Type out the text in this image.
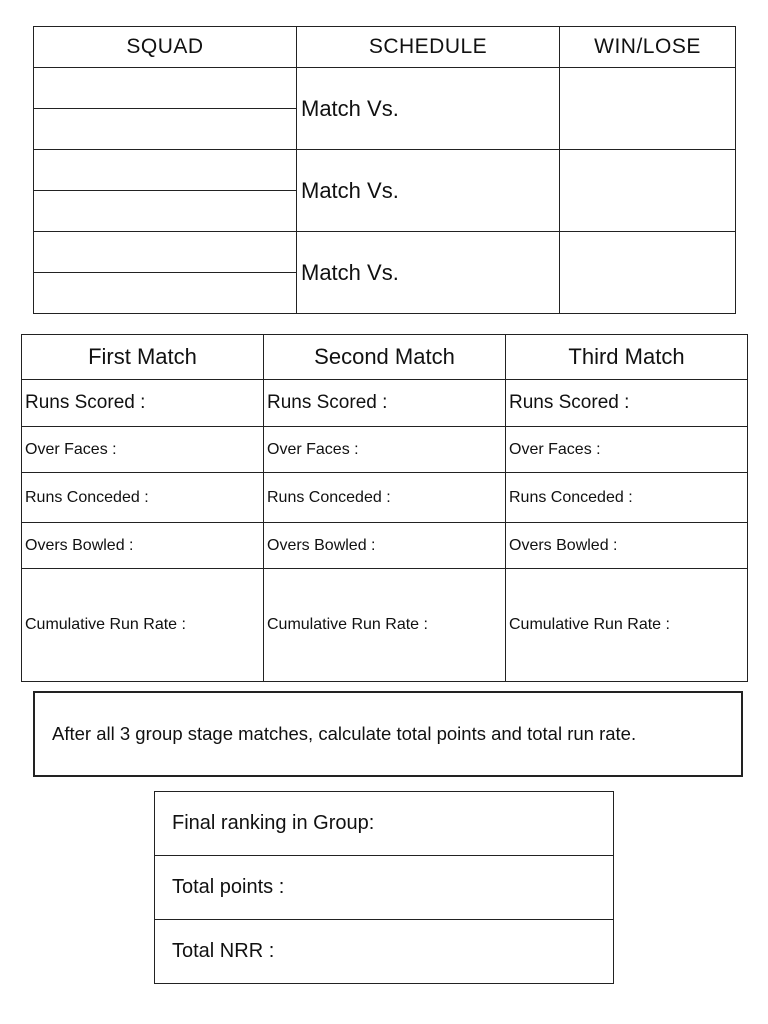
SQUAD	SCHEDULE	WIN/LOSE
	Match Vs.	

	Match Vs.	

	Match Vs.	

First Match	Second Match	Third Match
Runs Scored :	Runs Scored :	Runs Scored :
Over Faces :	Over Faces :	Over Faces :
Runs Conceded :	Runs Conceded :	Runs Conceded :
Overs Bowled :	Overs Bowled :	Overs Bowled :
Cumulative Run Rate :	Cumulative Run Rate :	Cumulative Run Rate :
After all 3 group stage matches, calculate total points and total run rate.
Final ranking in Group:
Total points :
Total NRR :
